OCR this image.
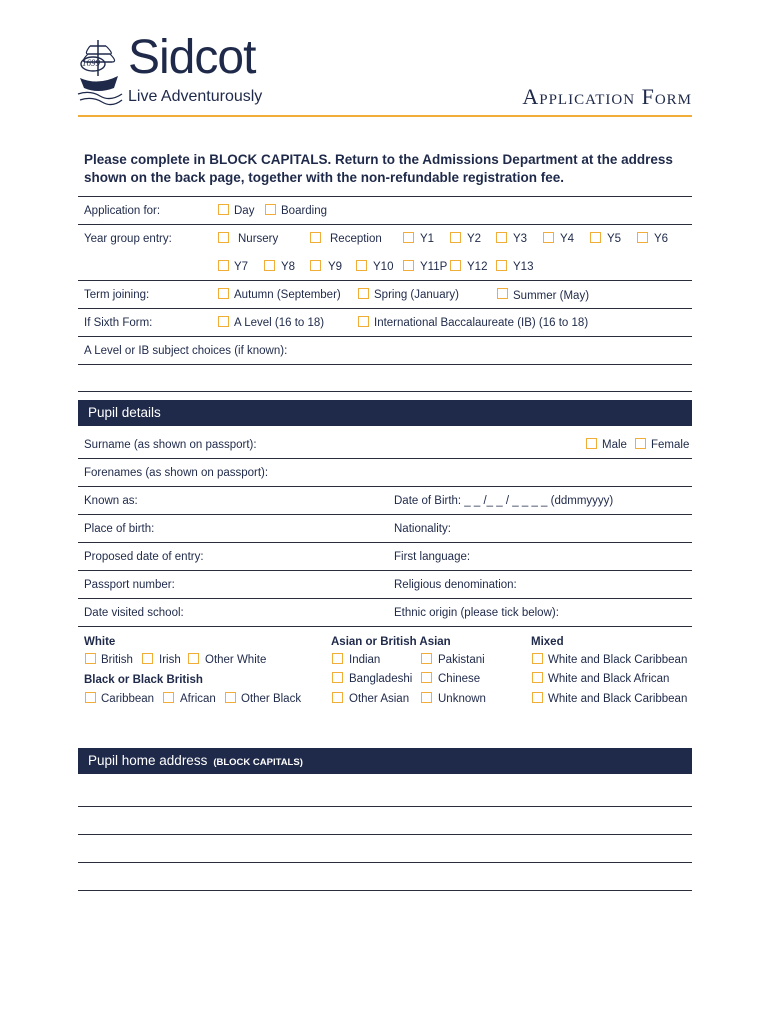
1699 Sidcot
Live Adventurously	Application Form
Please complete in BLOCK CAPITALS. Return to the Admissions Department at the address shown on the back page, together with the non-refundable registration fee.
Application for:	Day Boarding
Year group entry:	Nursery	Reception	Y1	Y2	Y3	Y4	Y5	Y6
Y7	Y8	Y9	Y10 Y11P Y12 Y13
Term joining:	Autumn (September)	Spring (January)	Summer (May)
If Sixth Form:	A Level (16 to 18)	International Baccalaureate (IB) (16 to 18)
A Level or IB subject choices (if known):
Pupil details
Surname (as shown on passport):	Male Female
Forenames (as shown on passport):
Known as:	Date of Birth: _ _ /_ _ / _ _ _ _ (ddmmyyyy)
Place of birth:	Nationality:
Proposed date of entry:	First language:
Passport number:	Religious denomination:
Date visited school:	Ethnic origin (please tick below):
White
British Irish Other White
Black or Black British
Caribbean African Other Black
Asian or British Asian
Indian	Pakistani
Bangladeshi Chinese
Other Asian	Unknown
Mixed
White and Black Caribbean
White and Black African
White and Black Caribbean
Pupil home address (BLOCK CAPITALS)
